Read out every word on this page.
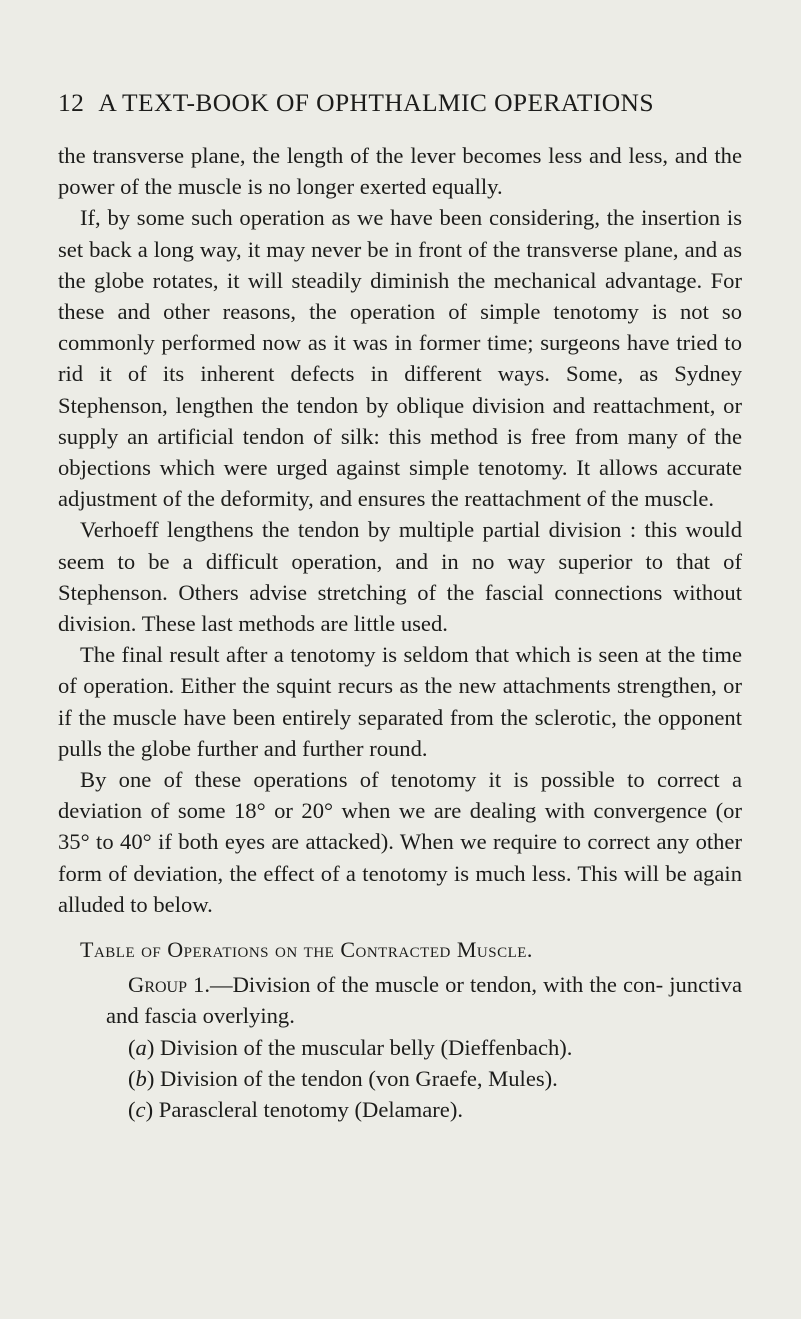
12 A TEXT-BOOK OF OPHTHALMIC OPERATIONS

the transverse plane, the length of the lever becomes less and less, and the power of the muscle is no longer exerted equally.

If, by some such operation as we have been considering, the insertion is set back a long way, it may never be in front of the transverse plane, and as the globe rotates, it will steadily diminish the mechanical advantage. For these and other reasons, the operation of simple tenotomy is not so commonly performed now as it was in former time; surgeons have tried to rid it of its inherent defects in different ways. Some, as Sydney Stephenson, lengthen the tendon by oblique division and reattachment, or supply an artificial tendon of silk: this method is free from many of the objections which were urged against simple tenotomy. It allows accurate adjustment of the deformity, and ensures the reattachment of the muscle.

Verhoeff lengthens the tendon by multiple partial division : this would seem to be a difficult operation, and in no way superior to that of Stephenson. Others advise stretching of the fascial connections without division. These last methods are little used.

The final result after a tenotomy is seldom that which is seen at the time of operation. Either the squint recurs as the new attachments strengthen, or if the muscle have been entirely separated from the sclerotic, the opponent pulls the globe further and further round.

By one of these operations of tenotomy it is possible to correct a deviation of some 18° or 20° when we are dealing with convergence (or 35° to 40° if both eyes are attacked). When we require to correct any other form of deviation, the effect of a tenotomy is much less. This will be again alluded to below.

Table of Operations on the Contracted Muscle.

Group 1.—Division of the muscle or tendon, with the con- junctiva and fascia overlying.

(a) Division of the muscular belly (Dieffenbach).

(b) Division of the tendon (von Graefe, Mules).

(c) Parascleral tenotomy (Delamare).
